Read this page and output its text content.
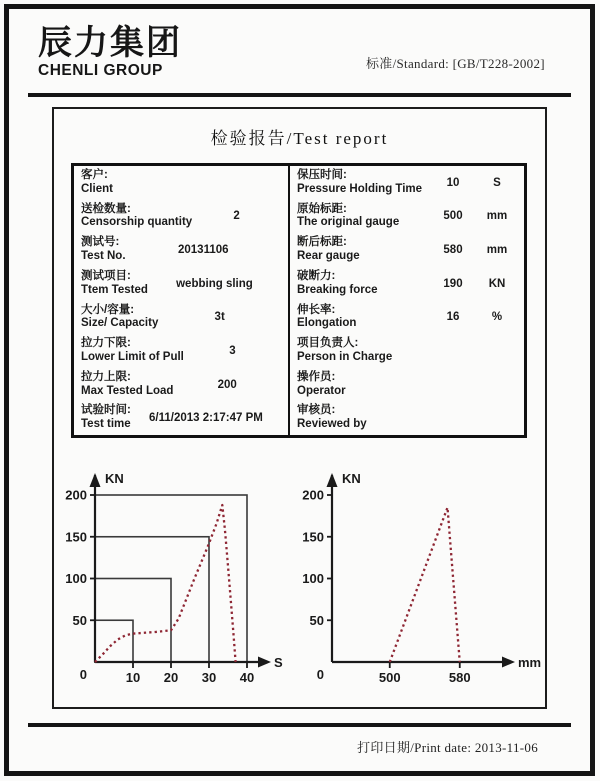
辰力集团
CHENLI GROUP	标准/Standard: [GB/T228-2002]
检验报告/Test report
客户:
Client
送检数量:
Censorship quantity	2
测试号:
Test No.	20131106
测试项目:
Ttem Tested	webbing sling
大小/容量:
Size/ Capacity	3t
拉力下限:
Lower Limit of Pull	3
拉力上限:
Max Tested Load	200
试验时间:
Test time	6/11/2013 2:17:47 PM
保压时间:
Pressure Holding Time	10	S
原始标距:
The original gauge	500	mm
断后标距:
Rear gauge	580	mm
破断力:
Breaking force	190	KN
伸长率:
Elongation	16	%
项目负责人:
Person in Charge
操作员:
Operator
审核员:
Reviewed by
50
100
150
200
10 20 30 40
0
KN
S
50
100
150
200
500	580
0
KN
mm
打印日期/Print date: 2013-11-06
